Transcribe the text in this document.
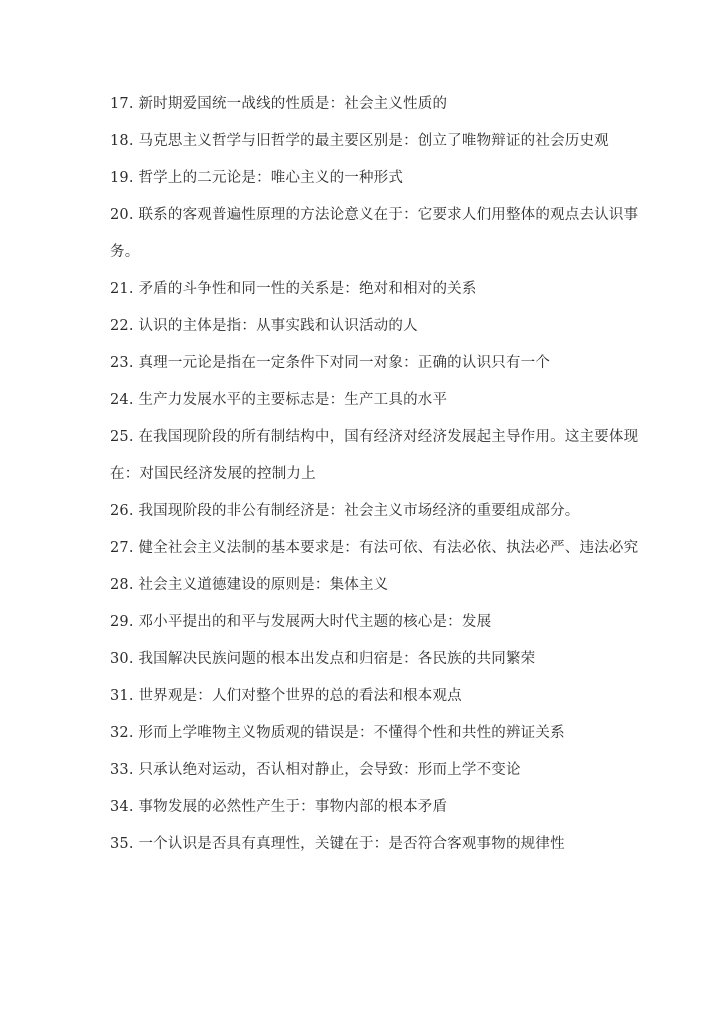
17. 新时期爱国统一战线的性质是：社会主义性质的

18. 马克思主义哲学与旧哲学的最主要区别是：创立了唯物辩证的社会历史观

19. 哲学上的二元论是：唯心主义的一种形式

20. 联系的客观普遍性原理的方法论意义在于：它要求人们用整体的观点去认识事务。

21. 矛盾的斗争性和同一性的关系是：绝对和相对的关系

22. 认识的主体是指：从事实践和认识活动的人

23. 真理一元论是指在一定条件下对同一对象：正确的认识只有一个

24. 生产力发展水平的主要标志是：生产工具的水平

25. 在我国现阶段的所有制结构中，国有经济对经济发展起主导作用。这主要体现在：对国民经济发展的控制力上

26. 我国现阶段的非公有制经济是：社会主义市场经济的重要组成部分。

27. 健全社会主义法制的基本要求是：有法可依、有法必依、执法必严、违法必究

28. 社会主义道德建设的原则是：集体主义

29. 邓小平提出的和平与发展两大时代主题的核心是：发展

30. 我国解决民族问题的根本出发点和归宿是：各民族的共同繁荣

31. 世界观是：人们对整个世界的总的看法和根本观点

32. 形而上学唯物主义物质观的错误是：不懂得个性和共性的辨证关系

33. 只承认绝对运动，否认相对静止，会导致：形而上学不变论

34. 事物发展的必然性产生于：事物内部的根本矛盾

35. 一个认识是否具有真理性，关键在于：是否符合客观事物的规律性
